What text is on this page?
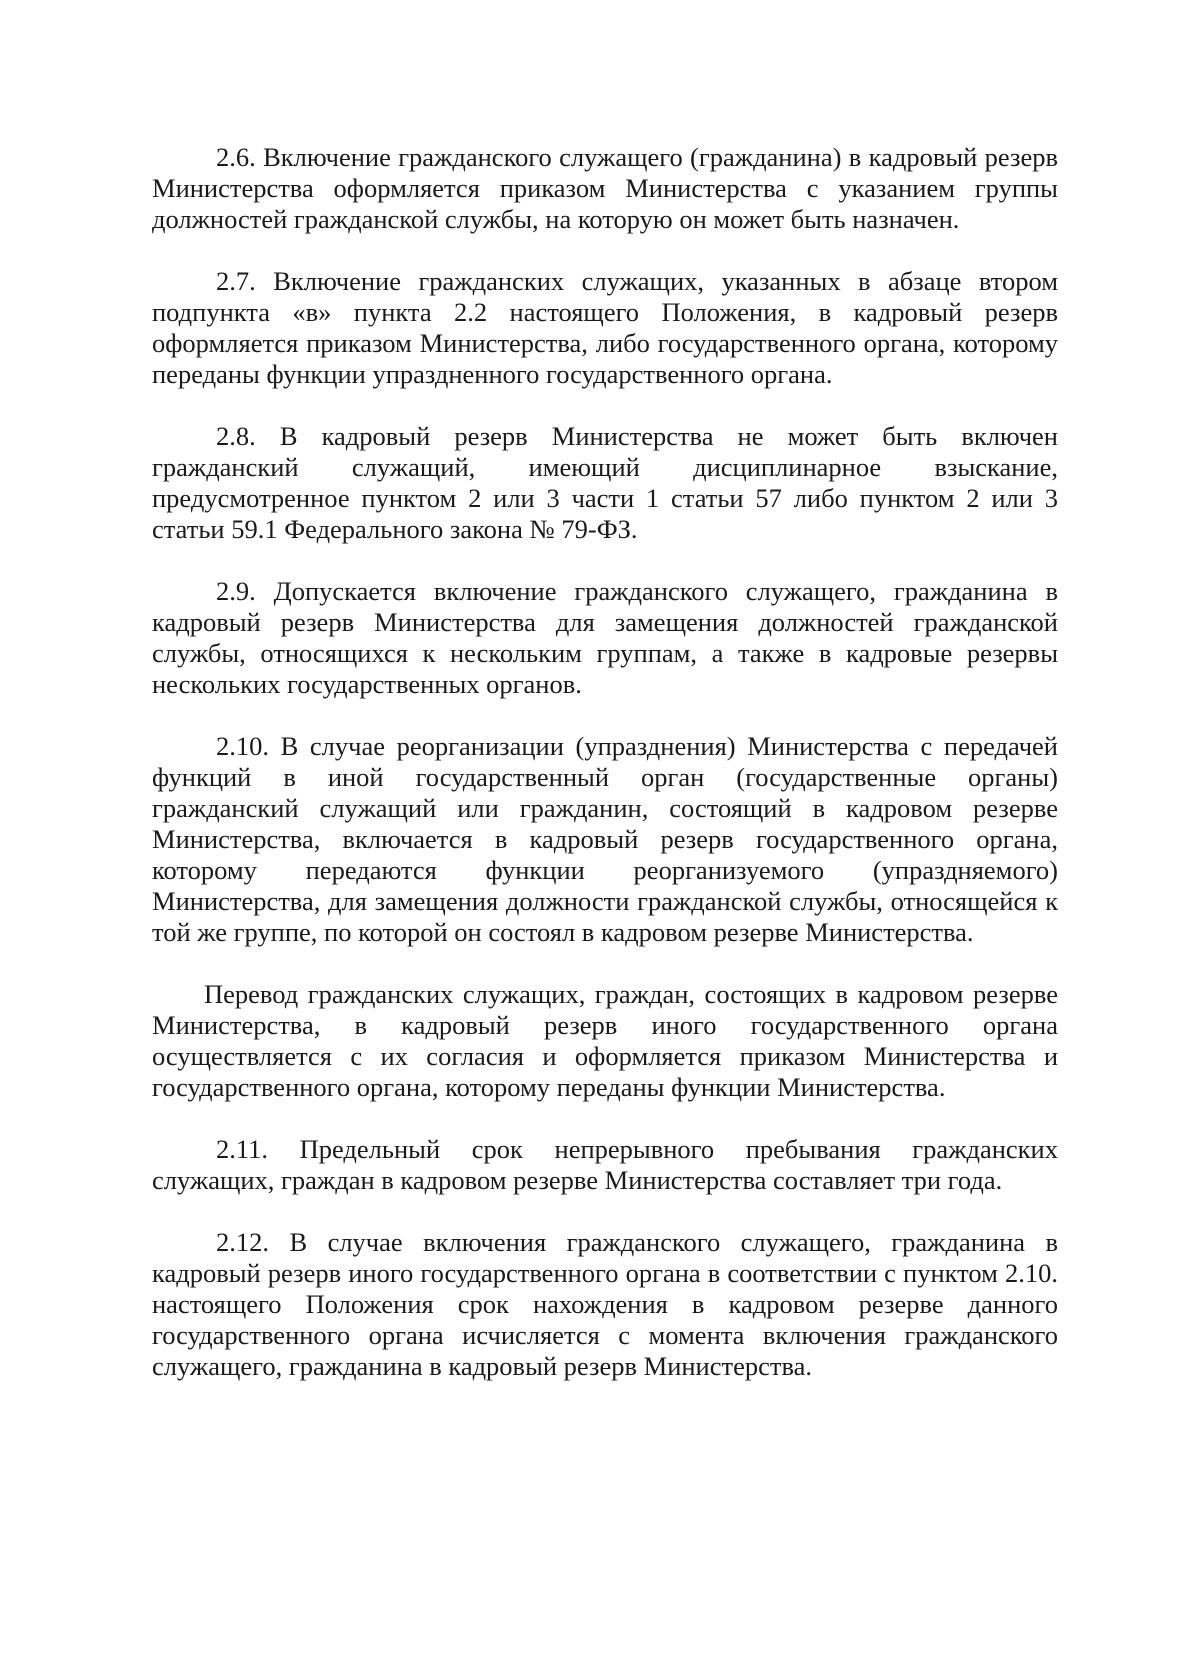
2.6. Включение гражданского служащего (гражданина) в кадровый резерв Министерства оформляется приказом Министерства с указанием группы должностей гражданской службы, на которую он может быть назначен.

2.7. Включение гражданских служащих, указанных в абзаце втором подпункта «в» пункта 2.2 настоящего Положения, в кадровый резерв оформляется приказом Министерства, либо государственного органа, которому переданы функции упраздненного государственного органа.

2.8. В кадровый резерв Министерства не может быть включен гражданский служащий, имеющий дисциплинарное взыскание, предусмотренное пунктом 2 или 3 части 1 статьи 57 либо пунктом 2 или 3 статьи 59.1 Федерального закона № 79-ФЗ.

2.9. Допускается включение гражданского служащего, гражданина в кадровый резерв Министерства для замещения должностей гражданской службы, относящихся к нескольким группам, а также в кадровые резервы нескольких государственных органов.

2.10. В случае реорганизации (упразднения) Министерства с передачей функций в иной государственный орган (государственные органы) гражданский служащий или гражданин, состоящий в кадровом резерве Министерства, включается в кадровый резерв государственного органа, которому передаются функции реорганизуемого (упраздняемого) Министерства, для замещения должности гражданской службы, относящейся к той же группе, по которой он состоял в кадровом резерве Министерства.

Перевод гражданских служащих, граждан, состоящих в кадровом резерве Министерства, в кадровый резерв иного государственного органа осуществляется с их согласия и оформляется приказом Министерства и государственного органа, которому переданы функции Министерства.

2.11. Предельный срок непрерывного пребывания гражданских служащих, граждан в кадровом резерве Министерства составляет три года.

2.12. В случае включения гражданского служащего, гражданина в кадровый резерв иного государственного органа в соответствии с пунктом 2.10. настоящего Положения срок нахождения в кадровом резерве данного государственного органа исчисляется с момента включения гражданского служащего, гражданина в кадровый резерв Министерства.
